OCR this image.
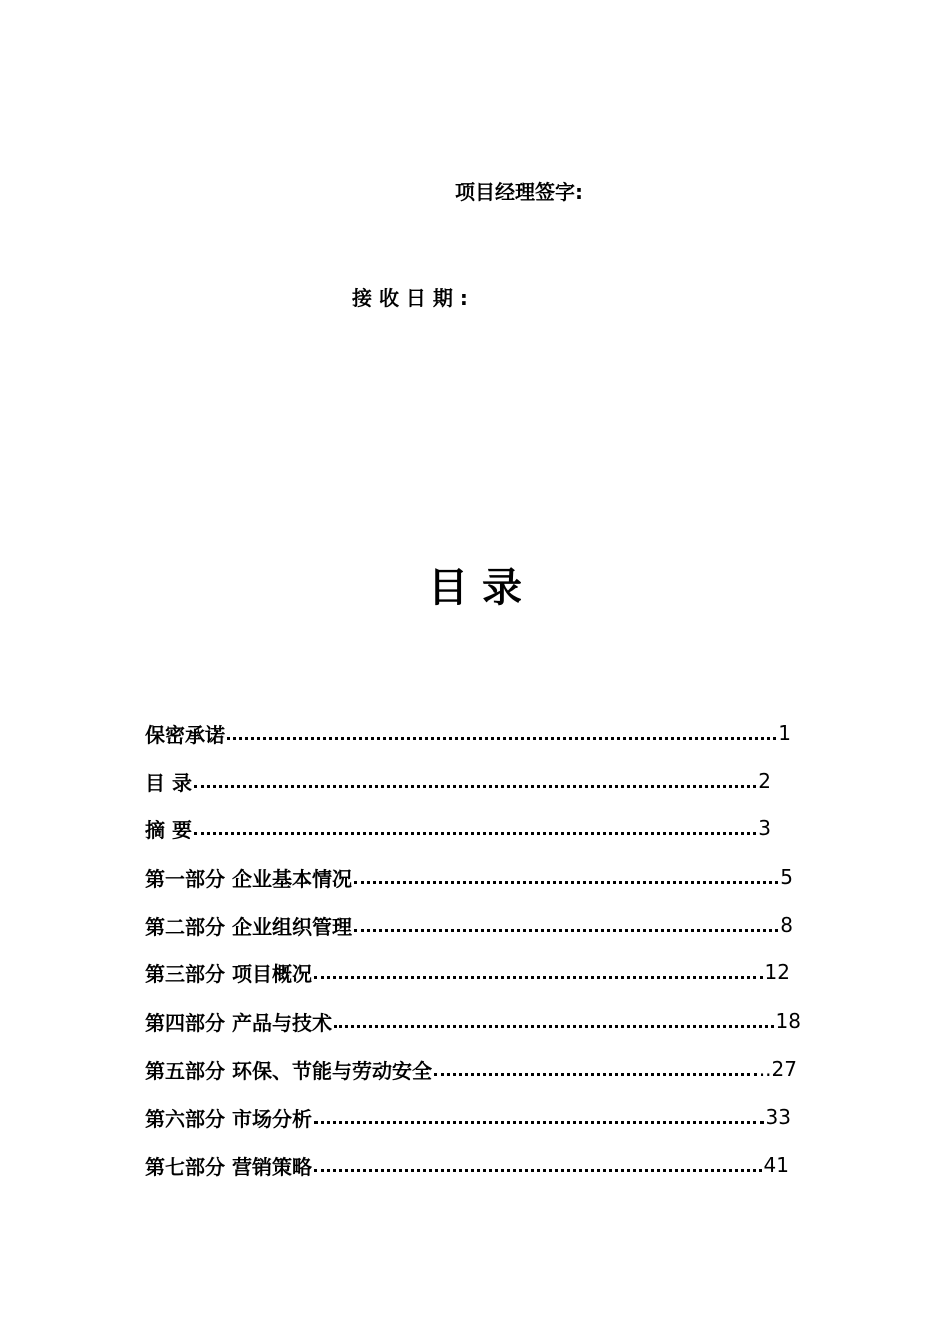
项目经理签字:
接 收 日 期 :
目 录
保密承诺	1
目 录	2
摘 要	3
第一部分 企业基本情况	5
第二部分 企业组织管理	8
第三部分 项目概况	12
第四部分 产品与技术	18
第五部分 环保、节能与劳动安全	..27
第六部分 市场分析	33
第七部分 营销策略	41
